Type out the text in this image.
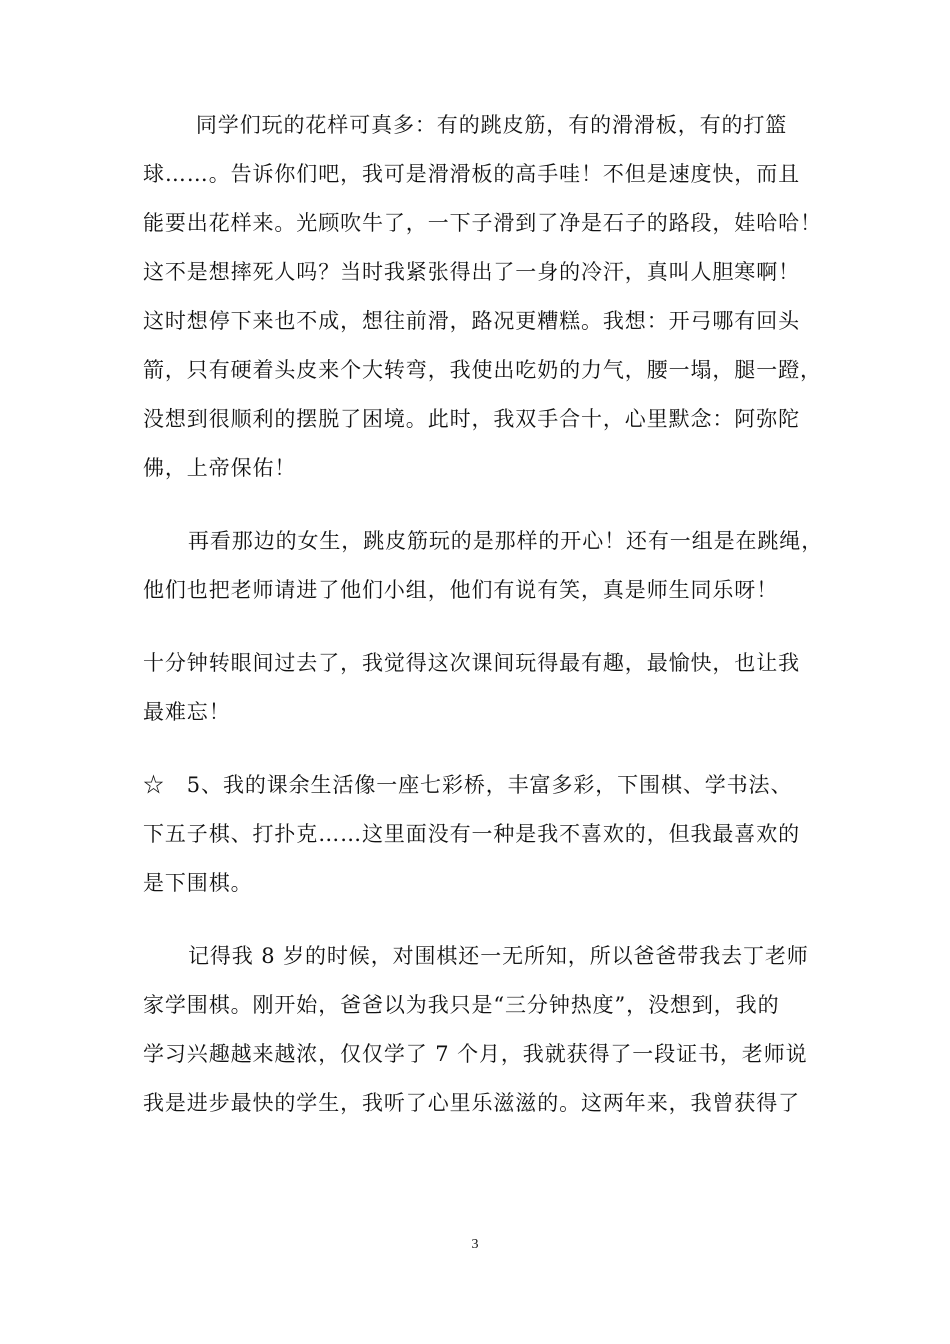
　同学们玩的花样可真多：有的跳皮筋，有的滑滑板，有的打篮
球……。告诉你们吧，我可是滑滑板的高手哇！不但是速度快，而且
能要出花样来。光顾吹牛了，一下子滑到了净是石子的路段，娃哈哈！
这不是想摔死人吗？当时我紧张得出了一身的冷汗，真叫人胆寒啊！
这时想停下来也不成，想往前滑，路况更糟糕。我想：开弓哪有回头
箭，只有硬着头皮来个大转弯，我使出吃奶的力气，腰一塌，腿一蹬，
没想到很顺利的摆脱了困境。此时，我双手合十，心里默念：阿弥陀
佛，上帝保佑！
再看那边的女生，跳皮筋玩的是那样的开心！还有一组是在跳绳，
他们也把老师请进了他们小组，他们有说有笑，真是师生同乐呀！
十分钟转眼间过去了，我觉得这次课间玩得最有趣，最愉快，也让我
最难忘！
☆　5、我的课余生活像一座七彩桥，丰富多彩，下围棋、学书法、
下五子棋、打扑克……这里面没有一种是我不喜欢的，但我最喜欢的
是下围棋。
记得我 8 岁的时候，对围棋还一无所知，所以爸爸带我去丁老师
家学围棋。刚开始，爸爸以为我只是“三分钟热度”，没想到，我的
学习兴趣越来越浓，仅仅学了 7 个月，我就获得了一段证书，老师说
我是进步最快的学生，我听了心里乐滋滋的。这两年来，我曾获得了
3
